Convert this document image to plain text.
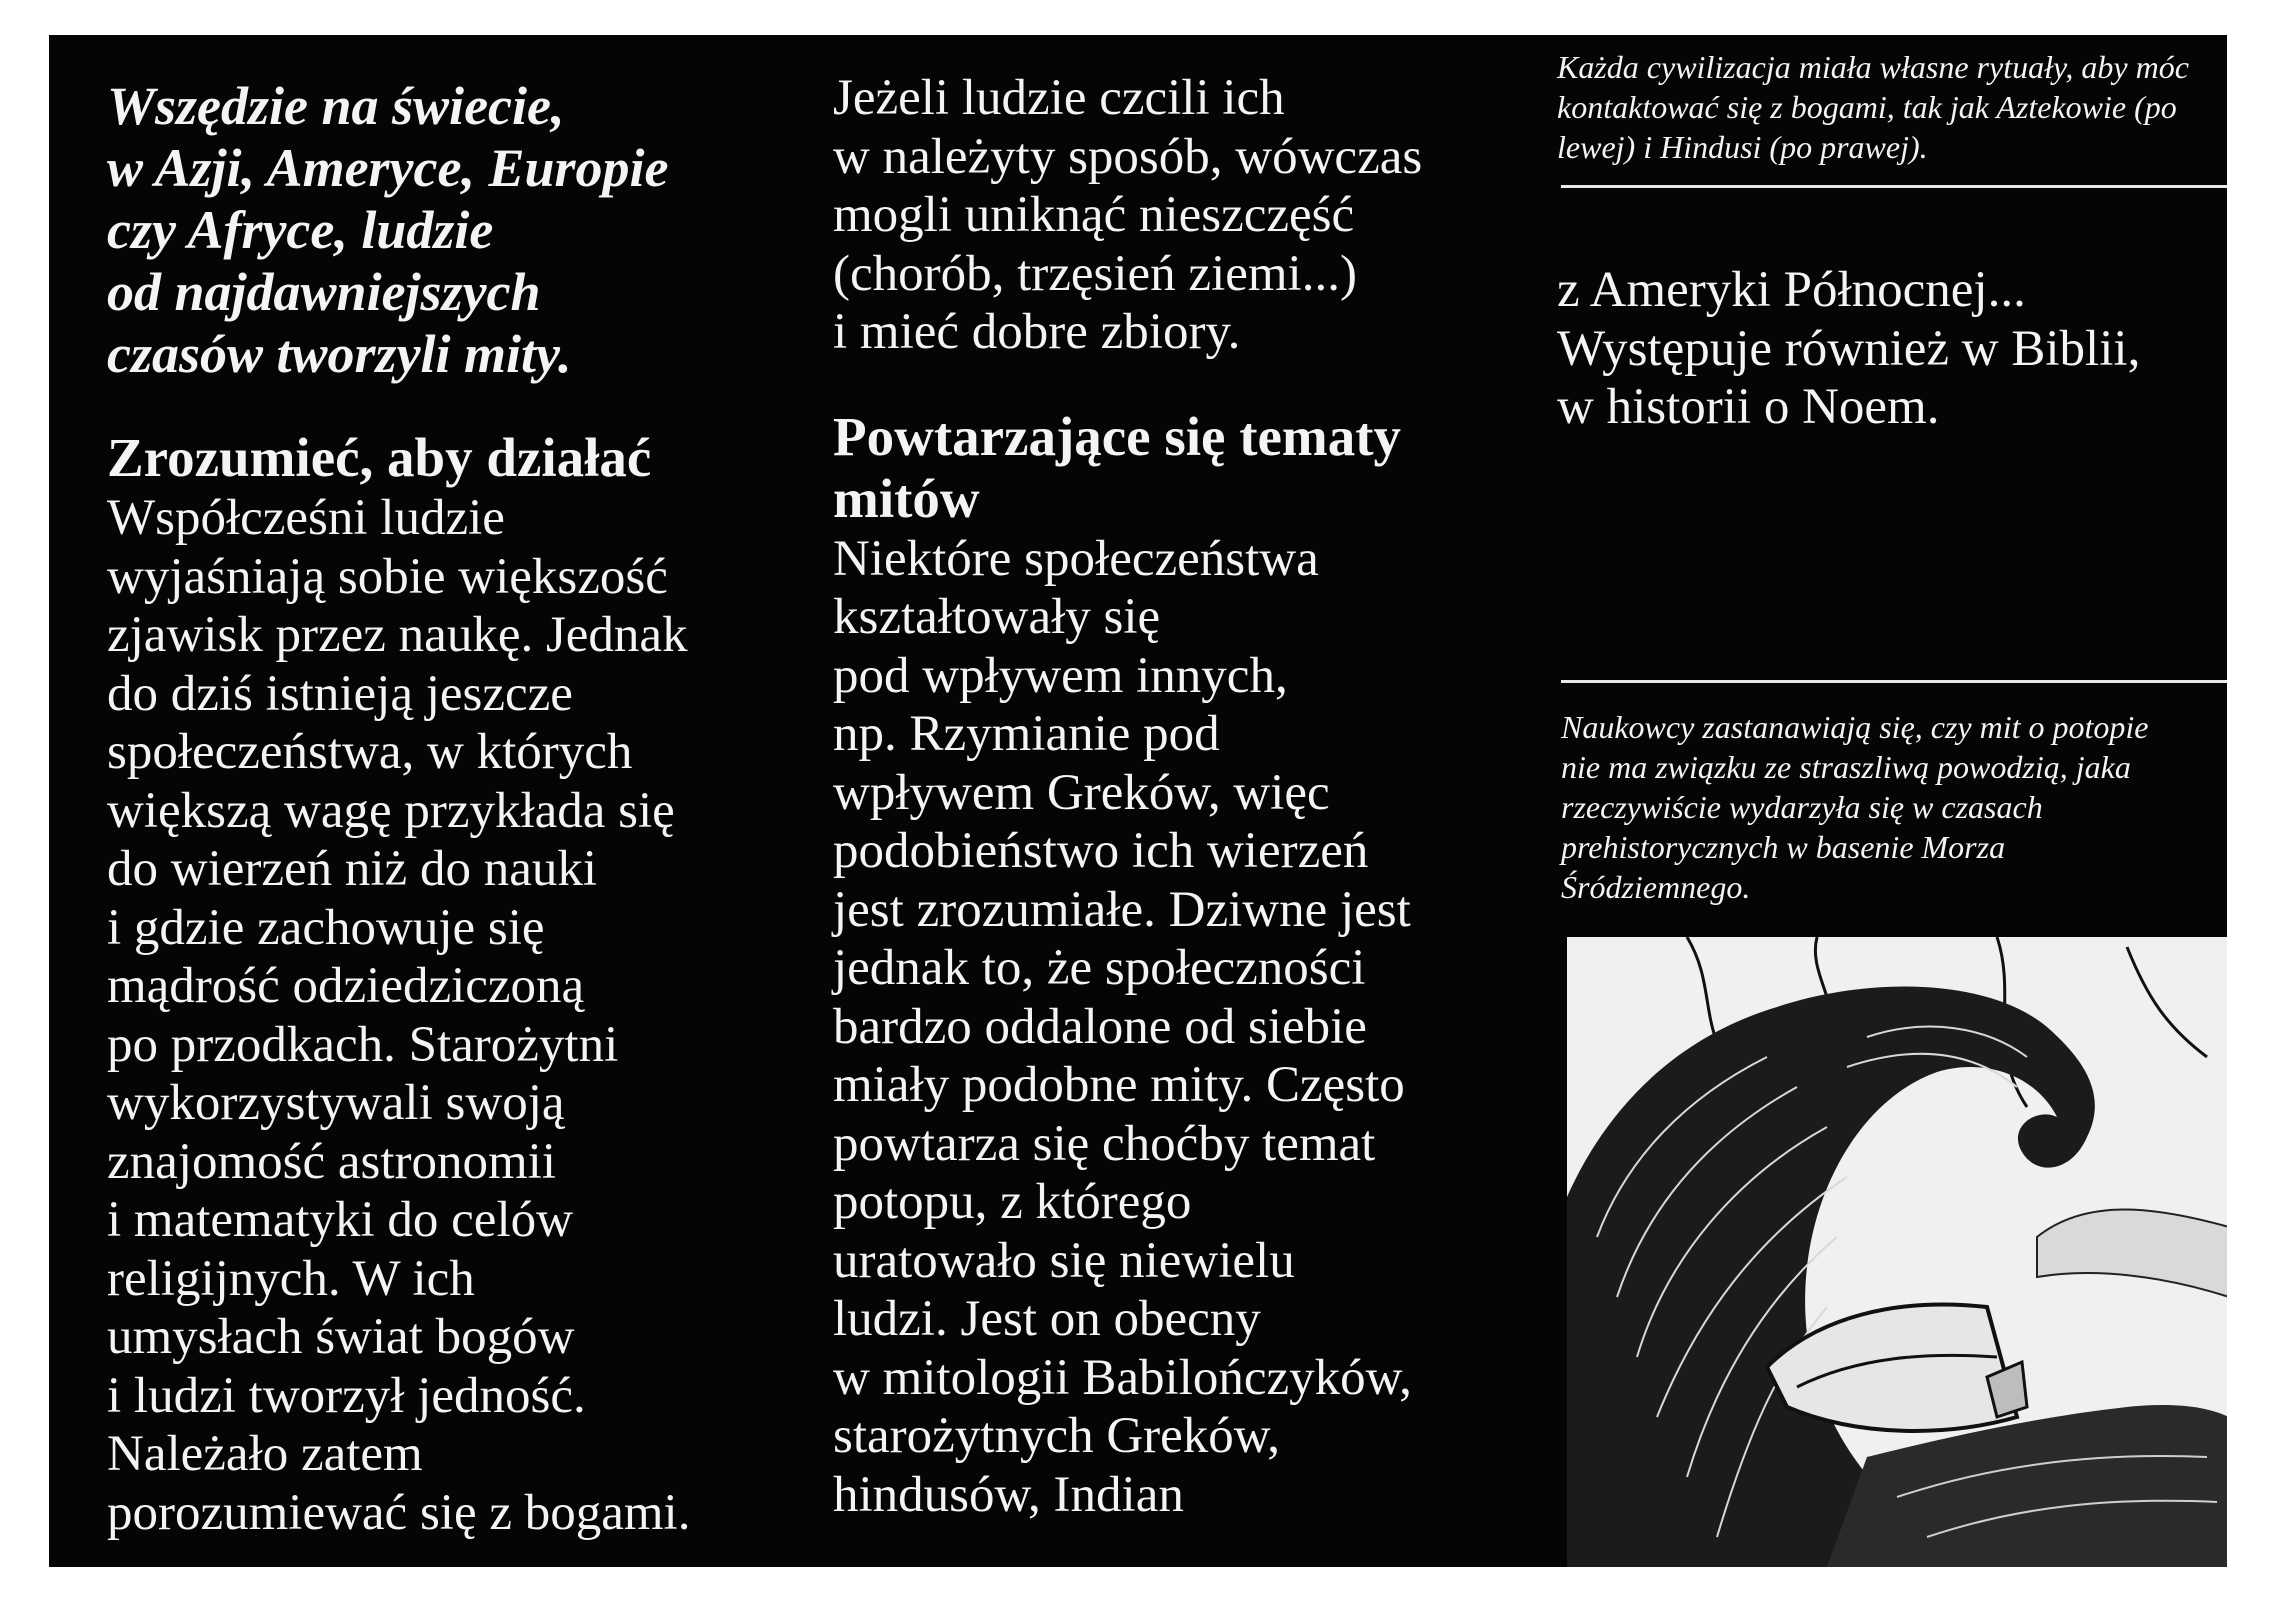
Wszędzie na świecie,
w Azji, Ameryce, Europie
czy Afryce, ludzie
od najdawniejszych
czasów tworzyli mity.

Zrozumieć, aby działać

Współcześni ludzie
wyjaśniają sobie większość
zjawisk przez naukę. Jednak
do dziś istnieją jeszcze
społeczeństwa, w których
większą wagę przykłada się
do wierzeń niż do nauki
i gdzie zachowuje się
mądrość odziedziczoną
po przodkach. Starożytni
wykorzystywali swoją
znajomość astronomii
i matematyki do celów
religijnych. W ich
umysłach świat bogów
i ludzi tworzył jedność.
Należało zatem
porozumiewać się z bogami.

Jeżeli ludzie czcili ich
w należyty sposób, wówczas
mogli uniknąć nieszczęść
(chorób, trzęsień ziemi...)
i mieć dobre zbiory.

Powtarzające się tematy
mitów

Niektóre społeczeństwa
kształtowały się
pod wpływem innych,
np. Rzymianie pod
wpływem Greków, więc
podobieństwo ich wierzeń
jest zrozumiałe. Dziwne jest
jednak to, że społeczności
bardzo oddalone od siebie
miały podobne mity. Często
powtarza się choćby temat
potopu, z którego
uratowało się niewielu
ludzi. Jest on obecny
w mitologii Babilończyków,
starożytnych Greków,
hindusów, Indian

Każda cywilizacja miała własne rytuały, aby móc
kontaktować się z bogami, tak jak Aztekowie (po
lewej) i Hindusi (po prawej).

z Ameryki Północnej...
Występuje również w Biblii,
w historii o Noem.

Naukowcy zastanawiają się, czy mit o potopie
nie ma związku ze straszliwą powodzią, jaka
rzeczywiście wydarzyła się w czasach
prehistorycznych w basenie Morza
Śródziemnego.
